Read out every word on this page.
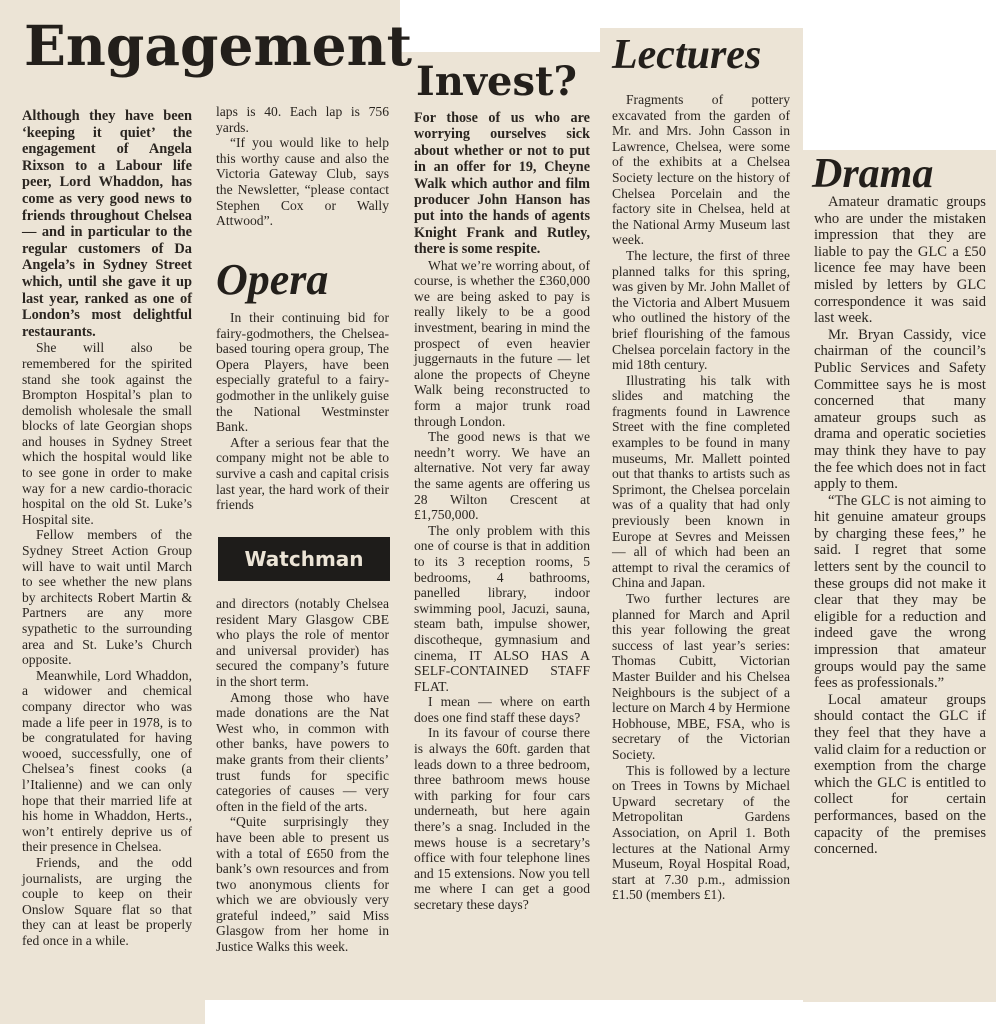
Engagement

Although they have been ‘keeping it quiet’ the engagement of Angela Rixson to a Labour life peer, Lord Whaddon, has come as very good news to friends throughout Chelsea — and in particular to the regular customers of Da Angela’s in Sydney Street which, until she gave it up last year, ranked as one of London’s most delightful restaurants.

She will also be remembered for the spirited stand she took against the Brompton Hospital’s plan to demolish wholesale the small blocks of late Georgian shops and houses in Sydney Street which the hospital would like to see gone in order to make way for a new cardio-thoracic hospital on the old St. Luke’s Hospital site.

Fellow members of the Sydney Street Action Group will have to wait until March to see whether the new plans by architects Robert Martin & Partners are any more sypathetic to the surrounding area and St. Luke’s Church opposite.

Meanwhile, Lord Whaddon, a widower and chemical company director who was made a life peer in 1978, is to be congratulated for having wooed, successfully, one of Chelsea’s finest cooks (a l’Italienne) and we can only hope that their married life at his home in Whaddon, Herts., won’t entirely deprive us of their presence in Chelsea.

Friends, and the odd journalists, are urging the couple to keep on their Onslow Square flat so that they can at least be properly fed once in a while.

laps is 40. Each lap is 756 yards.

“If you would like to help this worthy cause and also the Victoria Gateway Club, says the Newsletter, “please contact Stephen Cox or Wally Attwood”.

Opera

In their continuing bid for fairy-godmothers, the Chelsea-based touring opera group, The Opera Players, have been especially grateful to a fairy-godmother in the unlikely guise the National Westminster Bank.

After a serious fear that the company might not be able to survive a cash and capital crisis last year, the hard work of their friends

Watchman

and directors (notably Chelsea resident Mary Glasgow CBE who plays the role of mentor and universal provider) has secured the company’s future in the short term.

Among those who have made donations are the Nat West who, in common with other banks, have powers to make grants from their clients’ trust funds for specific categories of causes — very often in the field of the arts.

“Quite surprisingly they have been able to present us with a total of £650 from the bank’s own resources and from two anonymous clients for which we are obviously very grateful indeed,” said Miss Glasgow from her home in Justice Walks this week.

Invest?

For those of us who are worrying ourselves sick about whether or not to put in an offer for 19, Cheyne Walk which author and film producer John Hanson has put into the hands of agents Knight Frank and Rutley, there is some respite.

What we’re worring about, of course, is whether the £360,000 we are being asked to pay is really likely to be a good investment, bearing in mind the prospect of even heavier juggernauts in the future — let alone the propects of Cheyne Walk being reconstructed to form a major trunk road through London.

The good news is that we needn’t worry. We have an alternative. Not very far away the same agents are offering us 28 Wilton Crescent at £1,750,000.

The only problem with this one of course is that in addition to its 3 reception rooms, 5 bedrooms, 4 bathrooms, panelled library, indoor swimming pool, Jacuzi, sauna, steam bath, impulse shower, discotheque, gymnasium and cinema, IT ALSO HAS A SELF-CONTAINED STAFF FLAT.

I mean — where on earth does one find staff these days?

In its favour of course there is always the 60ft. garden that leads down to a three bedroom, three bathroom mews house with parking for four cars underneath, but here again there’s a snag. Included in the mews house is a secretary’s office with four telephone lines and 15 extensions. Now you tell me where I can get a good secretary these days?

Lectures

Fragments of pottery excavated from the garden of Mr. and Mrs. John Casson in Lawrence, Chelsea, were some of the exhibits at a Chelsea Society lecture on the history of Chelsea Porcelain and the factory site in Chelsea, held at the National Army Museum last week.

The lecture, the first of three planned talks for this spring, was given by Mr. John Mallet of the Victoria and Albert Musuem who outlined the history of the brief flourishing of the famous Chelsea porcelain factory in the mid 18th century.

Illustrating his talk with slides and matching the fragments found in Lawrence Street with the fine completed examples to be found in many museums, Mr. Mallett pointed out that thanks to artists such as Sprimont, the Chelsea porcelain was of a quality that had only previously been known in Europe at Sevres and Meissen — all of which had been an attempt to rival the ceramics of China and Japan.

Two further lectures are planned for March and April this year following the great success of last year’s series: Thomas Cubitt, Victorian Master Builder and his Chelsea Neighbours is the subject of a lecture on March 4 by Hermione Hobhouse, MBE, FSA, who is secretary of the Victorian Society.

This is followed by a lecture on Trees in Towns by Michael Upward secretary of the Metropolitan Gardens Association, on April 1. Both lectures at the National Army Museum, Royal Hospital Road, start at 7.30 p.m., admission £1.50 (members £1).

Drama

Amateur dramatic groups who are under the mistaken impression that they are liable to pay the GLC a £50 licence fee may have been misled by letters by GLC correspondence it was said last week.

Mr. Bryan Cassidy, vice chairman of the council’s Public Services and Safety Committee says he is most concerned that many amateur groups such as drama and operatic societies may think they have to pay the fee which does not in fact apply to them.

“The GLC is not aiming to hit genuine amateur groups by charging these fees,” he said. I regret that some letters sent by the council to these groups did not make it clear that they may be eligible for a reduction and indeed gave the wrong impression that amateur groups would pay the same fees as professionals.”

Local amateur groups should contact the GLC if they feel that they have a valid claim for a reduction or exemption from the charge which the GLC is entitled to collect for certain performances, based on the capacity of the premises concerned.
